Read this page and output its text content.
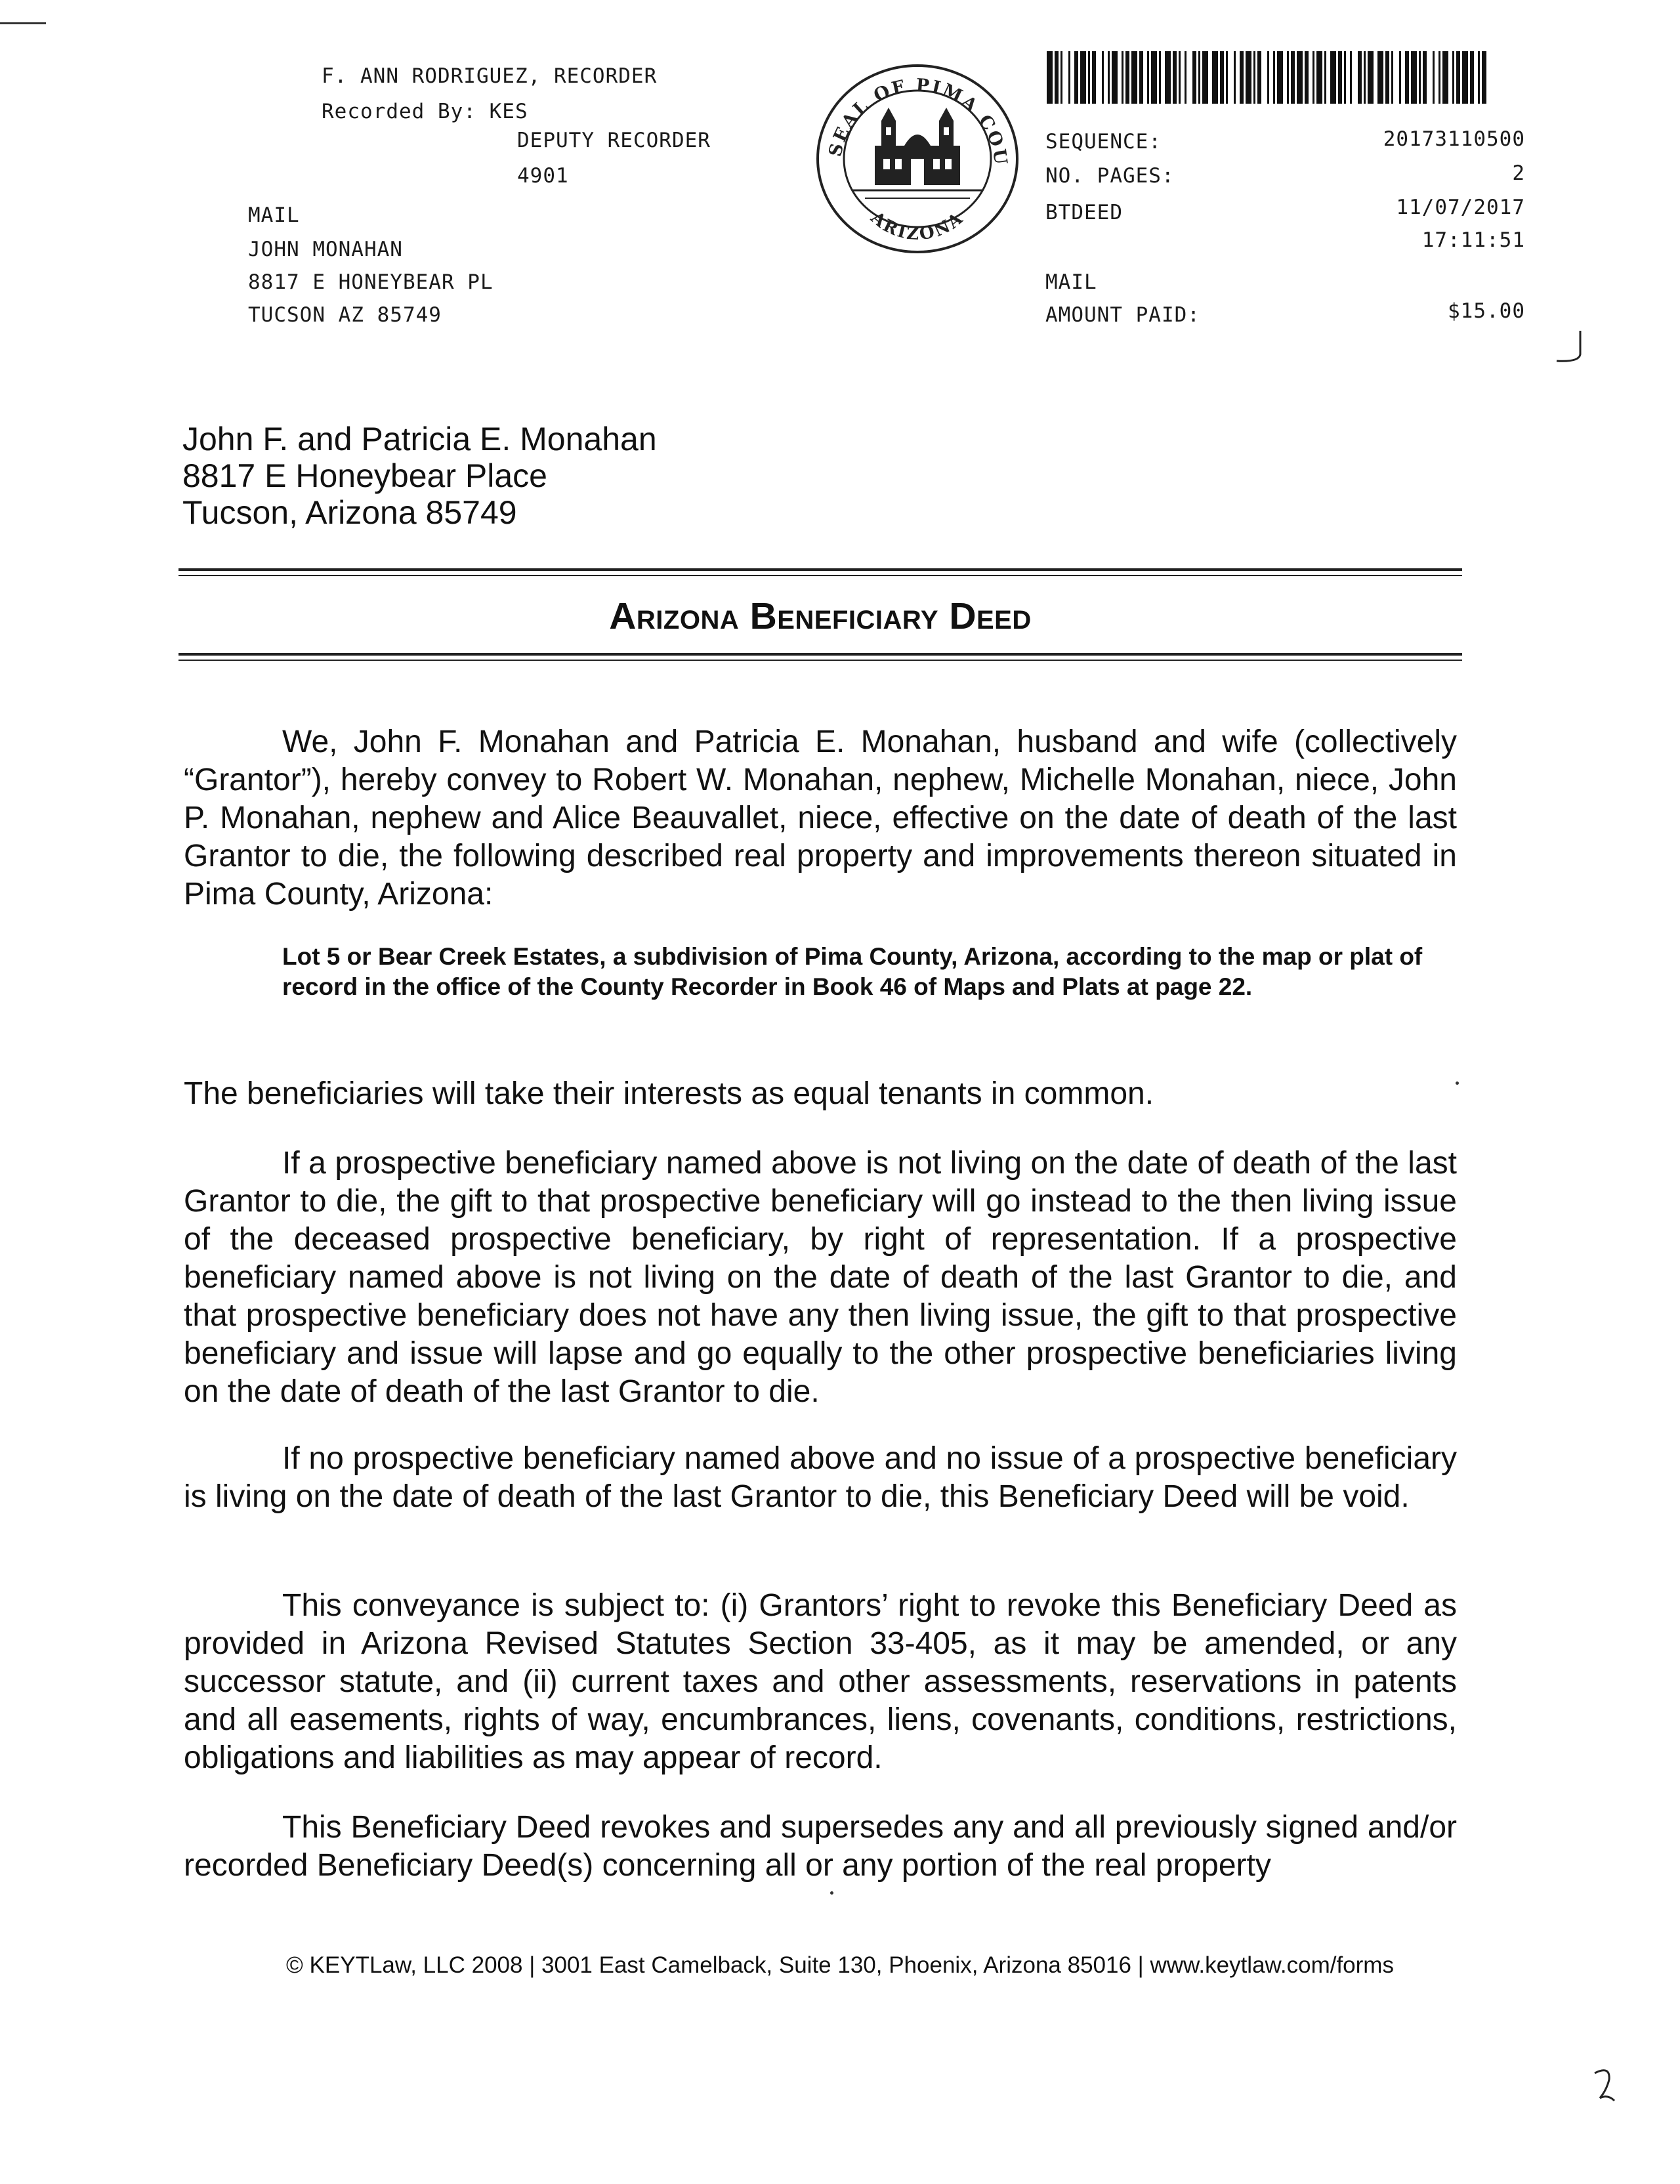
F. ANN RODRIGUEZ, RECORDER
Recorded By: KES
DEPUTY RECORDER
4901
MAIL
JOHN MONAHAN
8817 E HONEYBEAR PL
TUCSON AZ 85749
SEAL OF PIMA COU
ARIZONA
SEQUENCE:	20173110500
NO. PAGES:	2
BTDEED	11/07/2017
17:11:51
MAIL
AMOUNT PAID:	$15.00
John F. and Patricia E. Monahan
8817 E Honeybear Place
Tucson, Arizona 85749
Arizona Beneficiary Deed
We, John F. Monahan and Patricia E. Monahan, husband and wife (collectively “Grantor”), hereby convey to Robert W. Monahan, nephew, Michelle Monahan, niece, John P. Monahan, nephew and Alice Beauvallet, niece, effective on the date of death of the last Grantor to die, the following described real property and improvements thereon situated in Pima County, Arizona:
Lot 5 or Bear Creek Estates, a subdivision of Pima County, Arizona, according to the map or plat of record in the office of the County Recorder in Book 46 of Maps and Plats at page 22.
The beneficiaries will take their interests as equal tenants in common.
If a prospective beneficiary named above is not living on the date of death of the last Grantor to die, the gift to that prospective beneficiary will go instead to the then living issue of the deceased prospective beneficiary, by right of representation. If a prospective beneficiary named above is not living on the date of death of the last Grantor to die, and that prospective beneficiary does not have any then living issue, the gift to that prospective beneficiary and issue will lapse and go equally to the other prospective beneficiaries living on the date of death of the last Grantor to die.
If no prospective beneficiary named above and no issue of a prospective beneficiary is living on the date of death of the last Grantor to die, this Beneficiary Deed will be void.
This conveyance is subject to: (i) Grantors’ right to revoke this Beneficiary Deed as provided in Arizona Revised Statutes Section 33-405, as it may be amended, or any successor statute, and (ii) current taxes and other assessments, reservations in patents and all easements, rights of way, encumbrances, liens, covenants, conditions, restrictions, obligations and liabilities as may appear of record.
This Beneficiary Deed revokes and supersedes any and all previously signed and/or recorded Beneficiary Deed(s) concerning all or any portion of the real property
© KEYTLaw, LLC 2008 | 3001 East Camelback, Suite 130, Phoenix, Arizona 85016 | www.keytlaw.com/forms
